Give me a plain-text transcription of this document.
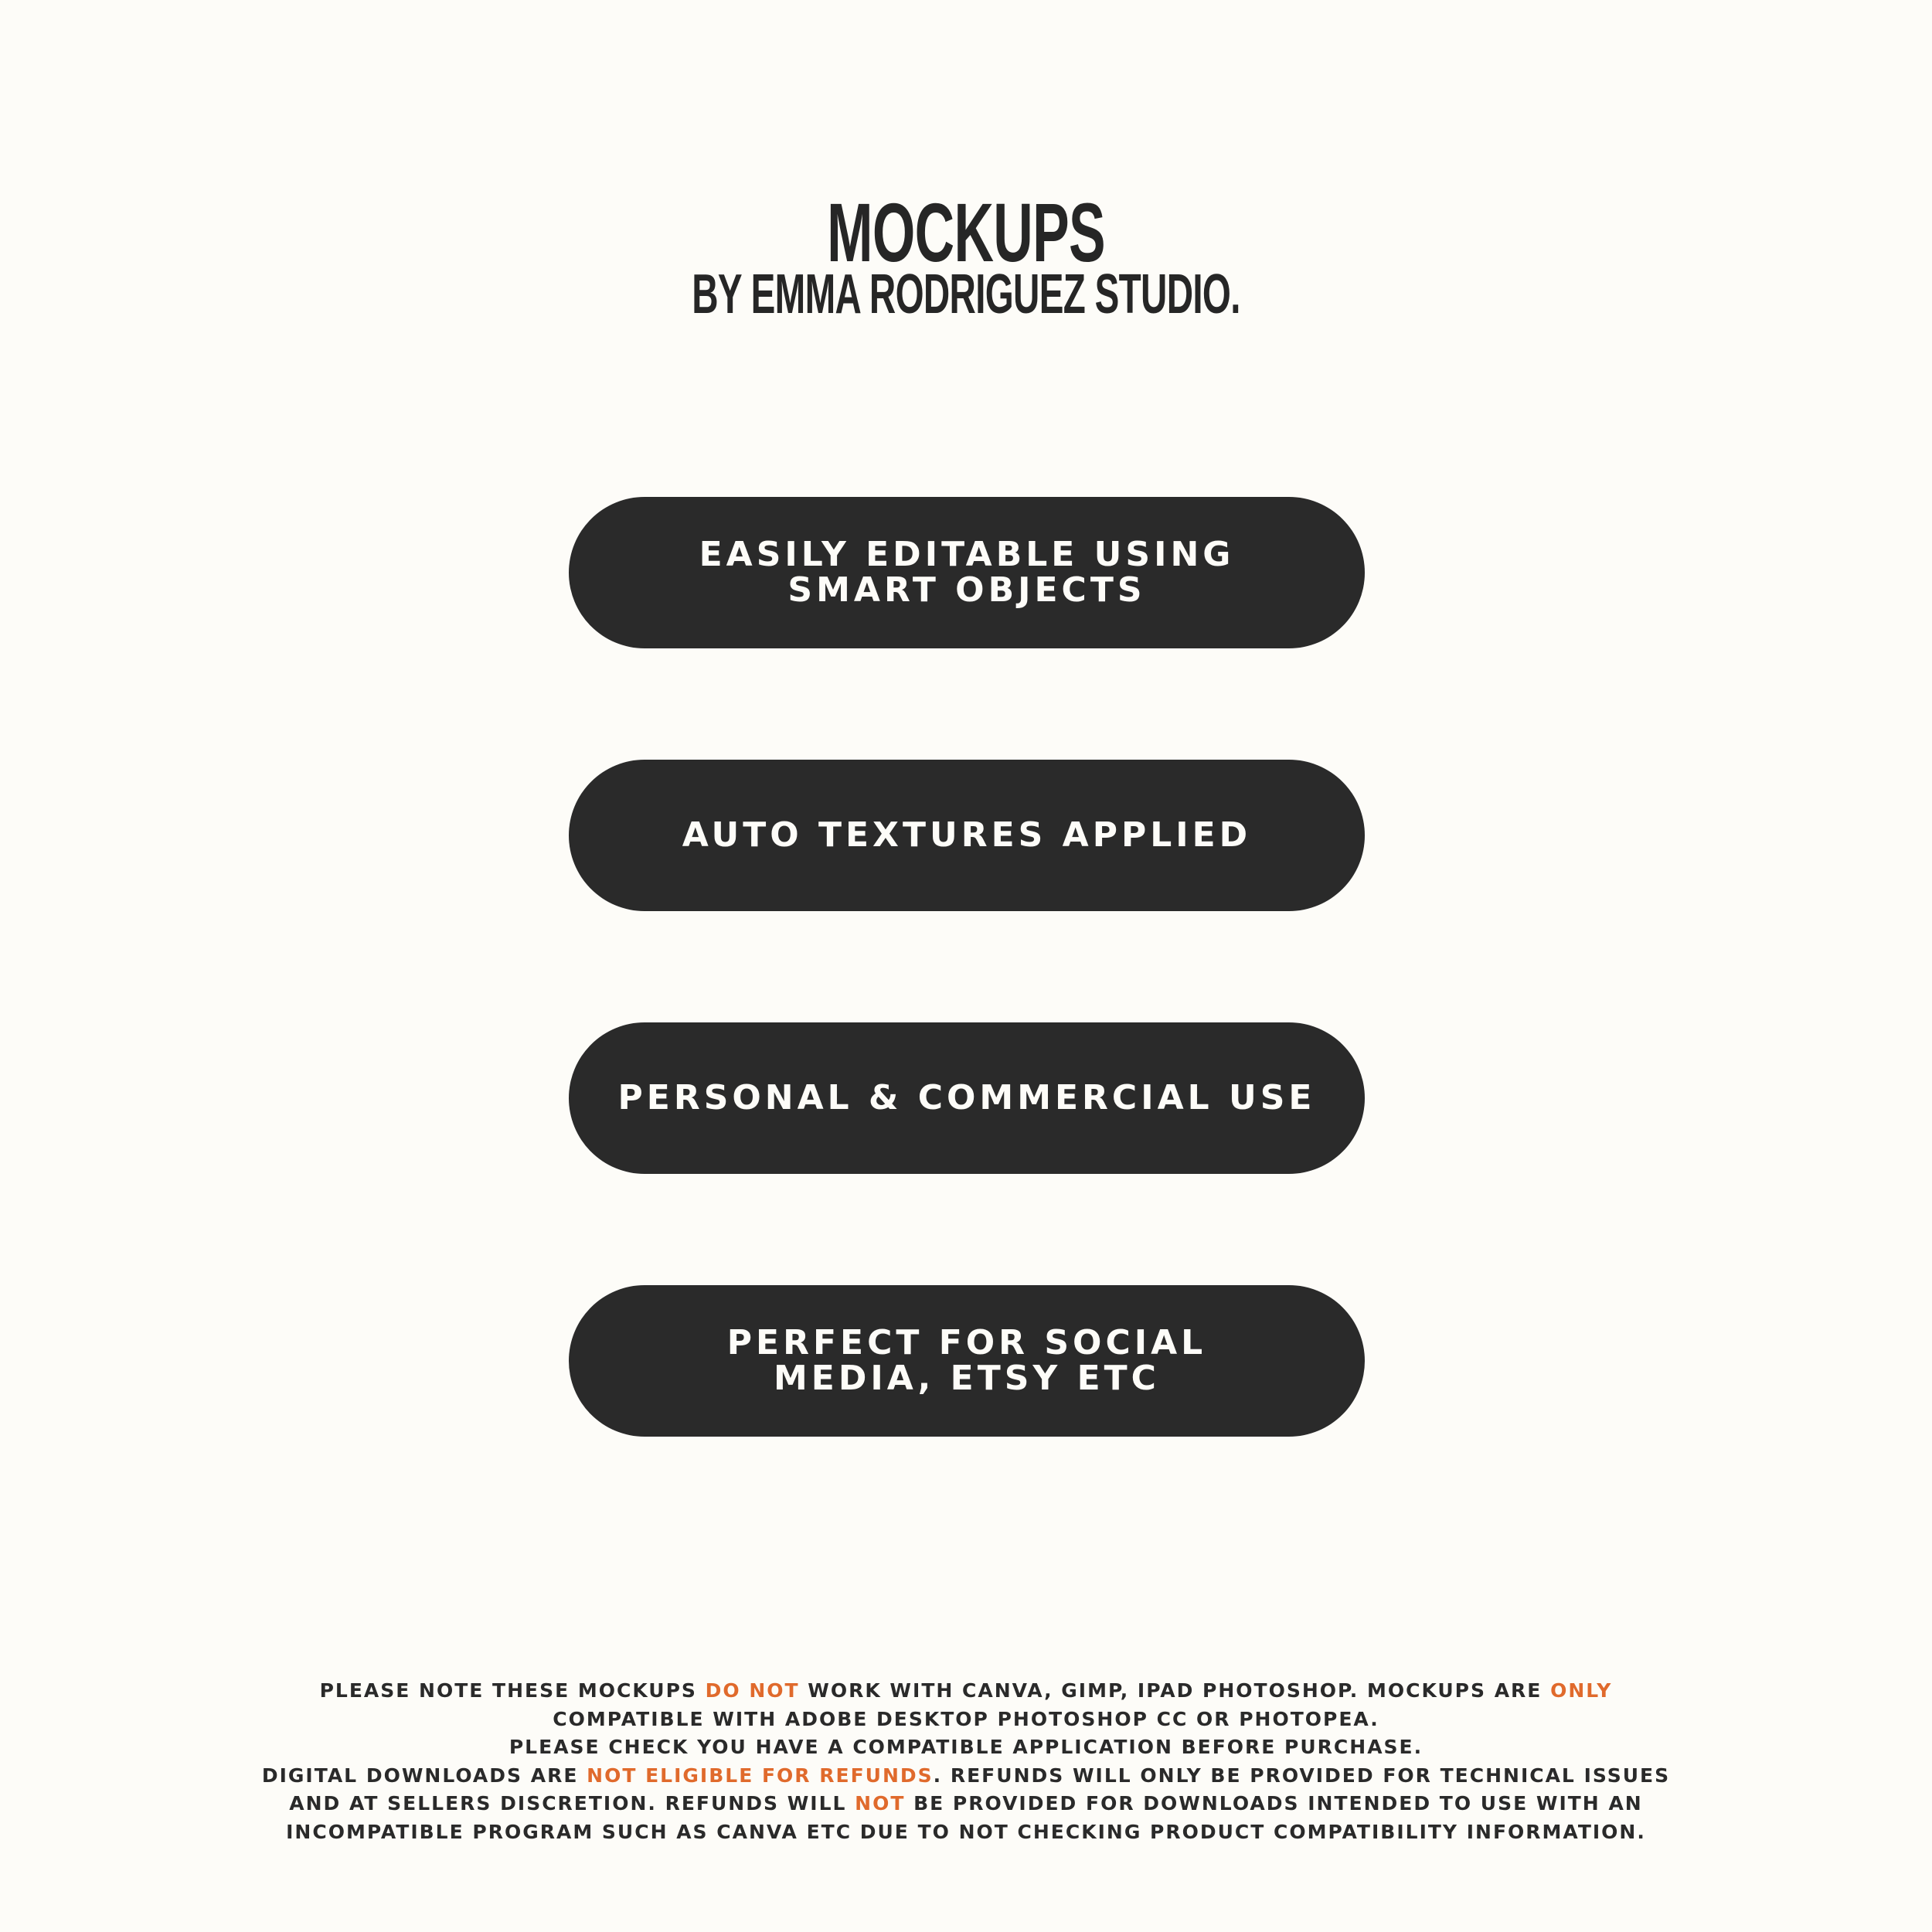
MOCKUPS
BY EMMA RODRIGUEZ STUDIO.
EASILY EDITABLE USING
SMART OBJECTS
AUTO TEXTURES APPLIED
PERSONAL & COMMERCIAL USE
PERFECT FOR SOCIAL
MEDIA, ETSY ETC
PLEASE NOTE THESE MOCKUPS DO NOT WORK WITH CANVA, GIMP, IPAD PHOTOSHOP. MOCKUPS ARE ONLY
COMPATIBLE WITH ADOBE DESKTOP PHOTOSHOP CC OR PHOTOPEA.
PLEASE CHECK YOU HAVE A COMPATIBLE APPLICATION BEFORE PURCHASE.
DIGITAL DOWNLOADS ARE NOT ELIGIBLE FOR REFUNDS. REFUNDS WILL ONLY BE PROVIDED FOR TECHNICAL ISSUES
AND AT SELLERS DISCRETION. REFUNDS WILL NOT BE PROVIDED FOR DOWNLOADS INTENDED TO USE WITH AN
INCOMPATIBLE PROGRAM SUCH AS CANVA ETC DUE TO NOT CHECKING PRODUCT COMPATIBILITY INFORMATION.
